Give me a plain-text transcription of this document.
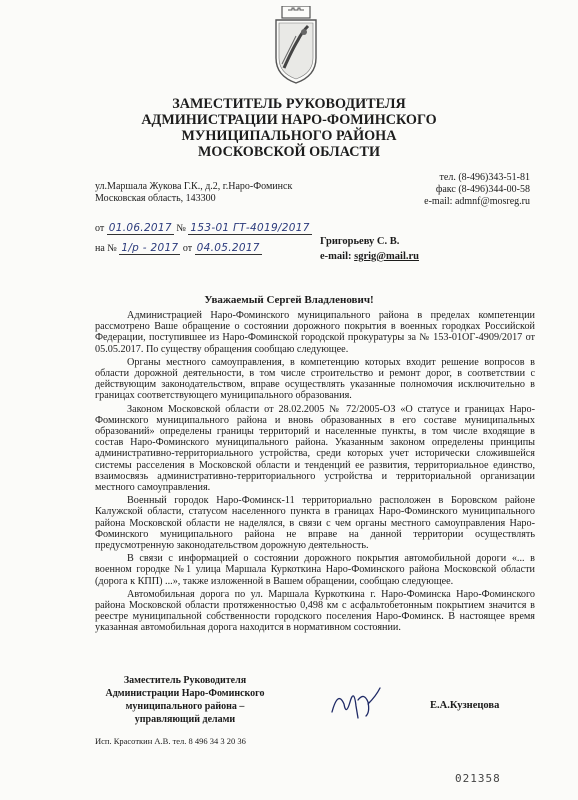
ЗАМЕСТИТЕЛЬ РУКОВОДИТЕЛЯ
АДМИНИСТРАЦИИ НАРО-ФОМИНСКОГО
МУНИЦИПАЛЬНОГО РАЙОНА
МОСКОВСКОЙ ОБЛАСТИ
ул.Маршала Жукова Г.К., д.2, г.Наро-Фоминск
Московская область, 143300
тел. (8-496)343-51-81
факс (8-496)344-00-58
e-mail: admnf@mosreg.ru
от 01.06.2017 № 153-01 ГТ-4019/2017
на № 1/р - 2017 от 04.05.2017
Григорьеву С. В.
e-mail: sgrig@mail.ru
Уважаемый Сергей Владленович!

Администрацией Наро-Фоминского муниципального района в пределах компетенции рассмотрено Ваше обращение о состоянии дорожного покрытия в военных городках Российской Федерации, поступившее из Наро-Фоминской городской прокуратуры за № 153-01ОГ-4909/2017 от 05.05.2017. По существу обращения сообщаю следующее.

Органы местного самоуправления, в компетенцию которых входит решение вопросов в области дорожной деятельности, в том числе строительство и ремонт дорог, в соответствии с действующим законодательством, вправе осуществлять указанные полномочия исключительно в границах соответствующего муниципального образования.

Законом Московской области от 28.02.2005 № 72/2005-ОЗ «О статусе и границах Наро-Фоминского муниципального района и вновь образованных в его составе муниципальных образований» определены границы территорий и населенные пункты, в том числе входящие в состав Наро-Фоминского муниципального района. Указанным законом определены принципы административно-территориального устройства, среди которых учет исторически сложившейся системы расселения в Московской области и тенденций ее развития, территориальное единство, взаимосвязь административно-территориального устройства и территориальной организации местного самоуправления.

Военный городок Наро-Фоминск-11 территориально расположен в Боровском районе Калужской области, статусом населенного пункта в границах Наро-Фоминского муниципального района Московской области не наделялся, в связи с чем органы местного самоуправления Наро-Фоминского муниципального района не вправе на данной территории осуществлять предусмотренную законодательством дорожную деятельность.

В связи с информацией о состоянии дорожного покрытия автомобильной дороги «... в военном городке №1 улица Маршала Куркоткина Наро-Фоминского района Московской области (дорога к КПП) ...», также изложенной в Вашем обращении, сообщаю следующее.

Автомобильная дорога по ул. Маршала Куркоткина г. Наро-Фоминска Наро-Фоминского района Московской области протяженностью 0,498 км с асфальтобетонным покрытием значится в реестре муниципальной собственности городского поселения Наро-Фоминск. В настоящее время указанная автомобильная дорога находится в нормативном состоянии.

Заместитель Руководителя
Администрации Наро-Фоминского
муниципального района –
управляющий делами
Е.А.Кузнецова
Исп. Красоткин А.В. тел. 8 496 34 3 20 36
021358
